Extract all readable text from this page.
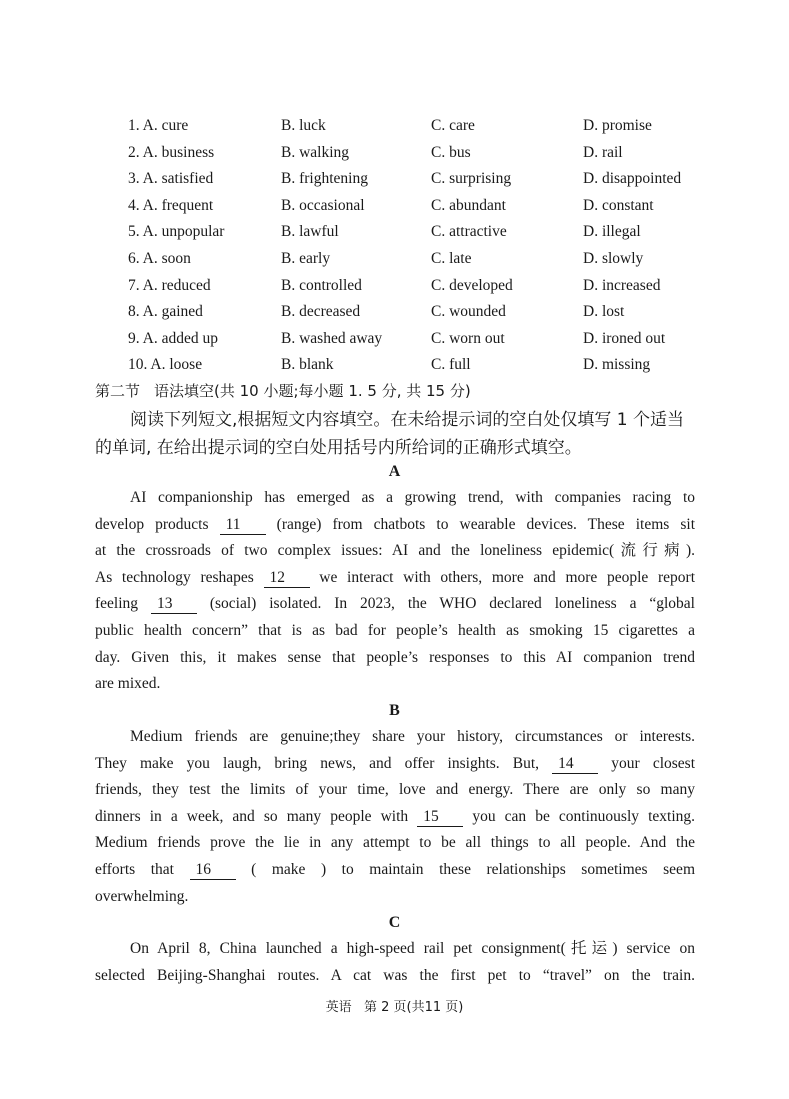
1. A. cure	B. luck	C. care	D. promise
2. A. business	B. walking	C. bus	D. rail
3. A. satisfied	B. frightening	C. surprising	D. disappointed
4. A. frequent	B. occasional	C. abundant	D. constant
5. A. unpopular	B. lawful	C. attractive	D. illegal
6. A. soon	B. early	C. late	D. slowly
7. A. reduced	B. controlled	C. developed	D. increased
8. A. gained	B. decreased	C. wounded	D. lost
9. A. added up	B. washed away	C. worn out	D. ironed out
10. A. loose	B. blank	C. full	D. missing
第二节 语法填空(共 10 小题;每小题 1. 5 分, 共 15 分)
阅读下列短文,根据短文内容填空。在未给提示词的空白处仅填写 1 个适当的单词, 在给出提示词的空白处用括号内所给词的正确形式填空。
A
AI companionship has emerged as a growing trend, with companies racing to
develop products 11 (range) from chatbots to wearable devices. These items sit
at the crossroads of two complex issues: AI and the loneliness epidemic(流行病).
As technology reshapes 12 we interact with others, more and more people report
feeling 13 (social) isolated. In 2023, the WHO declared loneliness a “global
public health concern” that is as bad for people’s health as smoking 15 cigarettes a
day. Given this, it makes sense that people’s responses to this AI companion trend
are mixed.
B
Medium friends are genuine;they share your history, circumstances or interests.
They make you laugh, bring news, and offer insights. But, 14 your closest
friends, they test the limits of your time, love and energy. There are only so many
dinners in a week, and so many people with 15 you can be continuously texting.
Medium friends prove the lie in any attempt to be all things to all people. And the
efforts that 16	( make ) to maintain these relationships sometimes seem
overwhelming.
C
On April 8, China launched a high-speed rail pet consignment(托运) service on
selected Beijing-Shanghai routes. A cat was the first pet to “travel” on the train.
英语   第 2 页(共11 页)
